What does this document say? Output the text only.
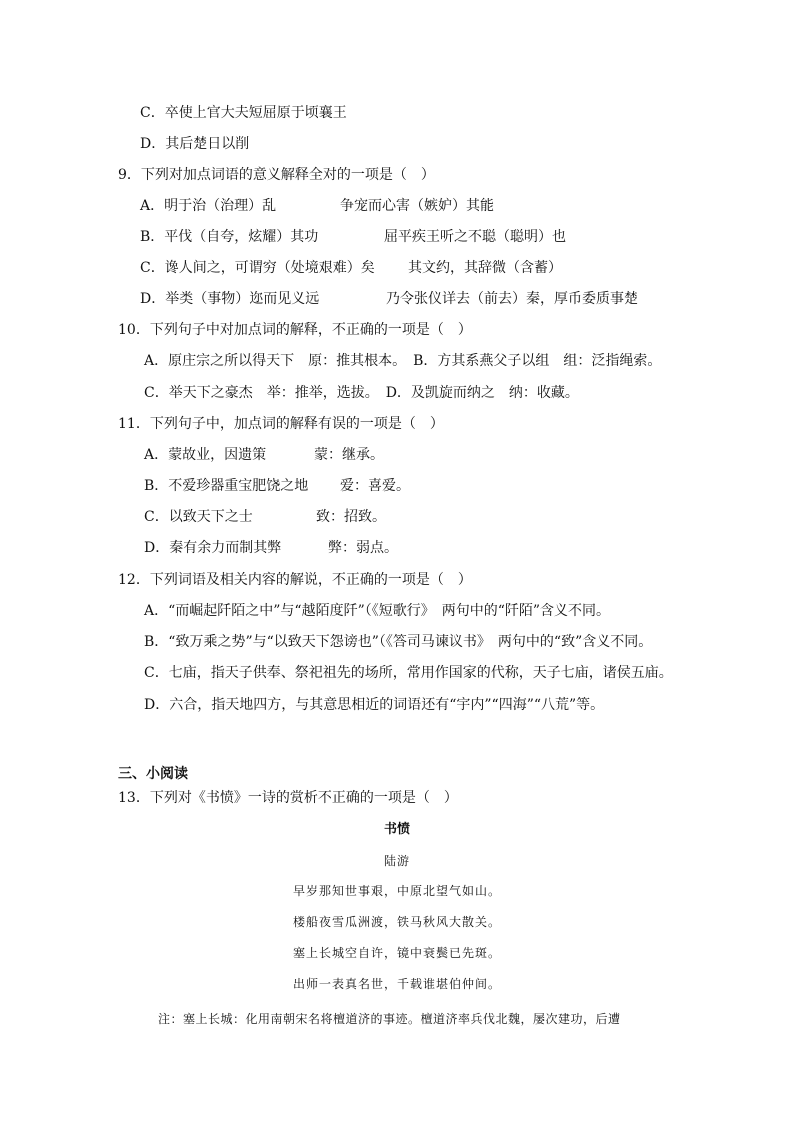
C．卒使上官大夫短屈原于顷襄王
D．其后楚日以削
9．下列对加点词语的意义解释全对的一项是（　）
A．明于治（治理）乱	争宠而心害（嫉妒）其能
B．平伐（自夸，炫耀）其功	屈平疾王听之不聪（聪明）也
C．谗人间之，可谓穷（处境艰难）矣 其文约，其辞微（含蓄）
D．举类（事物）迩而见义远	乃令张仪详去（前去）秦，厚币委质事楚
10．下列句子中对加点词的解释，不正确的一项是（　）
A．原庄宗之所以得天下　原：推其根本。　B．方其系燕父子以组　组：泛指绳索。
C．举天下之豪杰　举：推举，选拔。　D．及凯旋而纳之　纳：收藏。
11．下列句子中，加点词的解释有误的一项是（　）
A．蒙故业，因遗策	蒙：继承。
B．不爱珍器重宝肥饶之地 爱：喜爱。
C．以致天下之士	致：招致。
D．秦有余力而制其弊	弊：弱点。
12．下列词语及相关内容的解说，不正确的一项是（　）
A．“而崛起阡陌之中”与“越陌度阡”（《短歌行》　两句中的“阡陌”含义不同。
B．“致万乘之势”与“以致天下怨谤也”（《答司马谏议书》　两句中的“致”含义不同。
C．七庙，指天子供奉、祭祀祖先的场所，常用作国家的代称，天子七庙，诸侯五庙。
D．六合，指天地四方，与其意思相近的词语还有“宇内”“四海”“八荒”等。
三、小阅读
13．下列对《书愤》一诗的赏析不正确的一项是（　）
书愤
陆游
早岁那知世事艰，中原北望气如山。
楼船夜雪瓜洲渡，铁马秋风大散关。
塞上长城空自许，镜中衰鬓已先斑。
出师一表真名世，千载谁堪伯仲间。
注：塞上长城：化用南朝宋名将檀道济的事迹。檀道济率兵伐北魏，屡次建功，后遭
